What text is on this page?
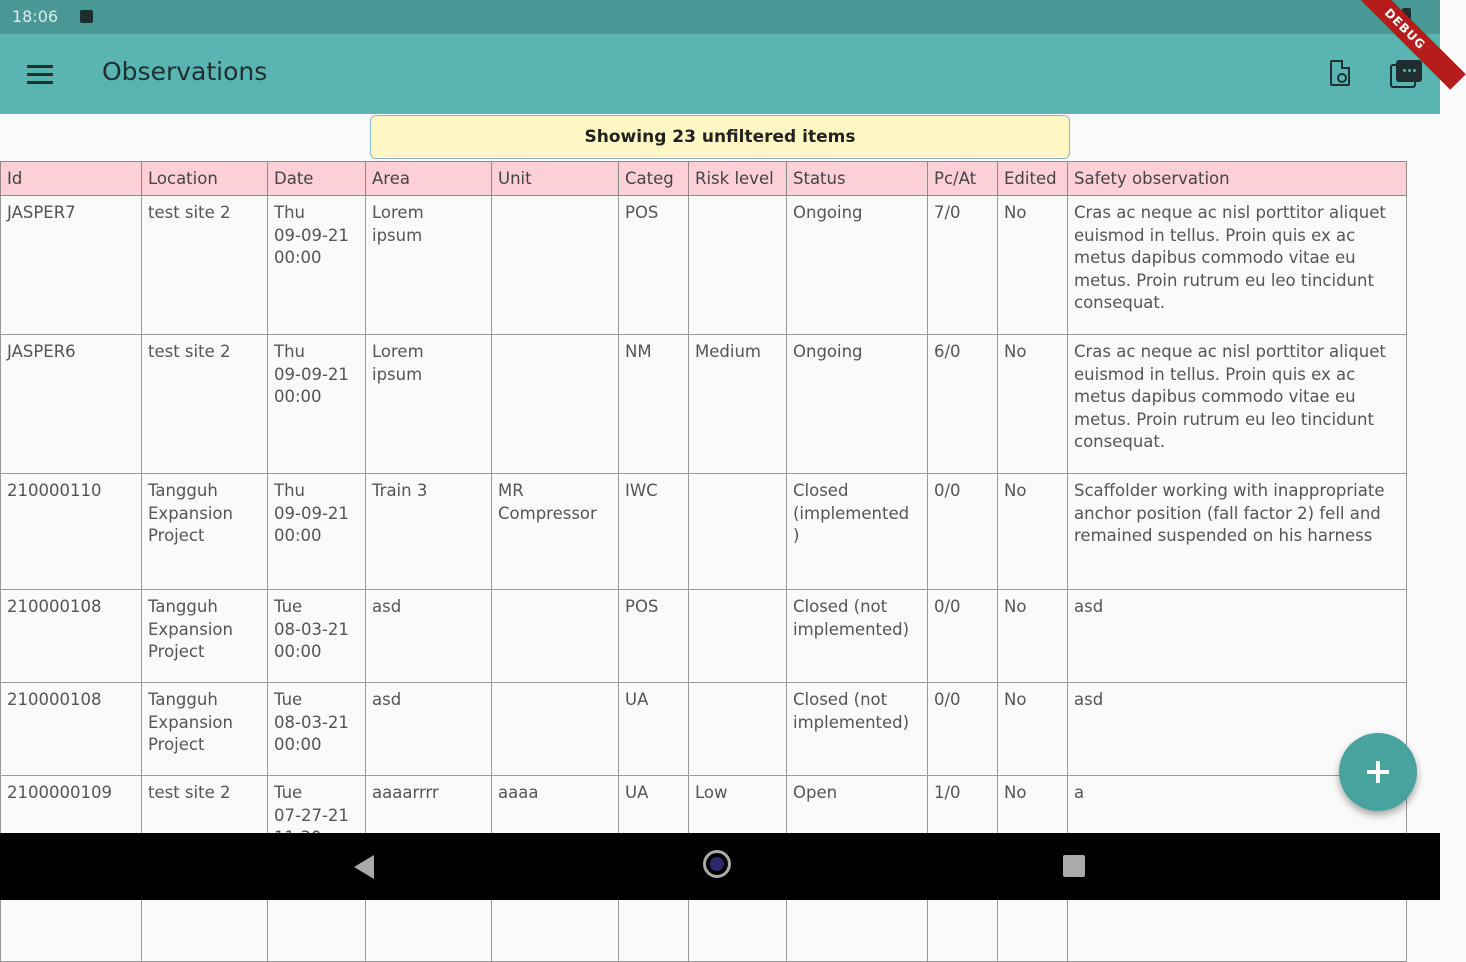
18:06	DEBUG
Observations
Showing 23 unfiltered items
Id	Location	Date	Area	Unit	Categ	Risk level	Status	Pc/At	Edited	Safety observation
JASPER7	test site 2	Thu
09-09-21
00:00	Lorem
ipsum		POS		Ongoing	7/0	No	Cras ac neque ac nisl porttitor aliquet euismod in tellus. Proin quis ex ac metus dapibus commodo vitae eu metus. Proin rutrum eu leo tincidunt consequat.
JASPER6	test site 2	Thu
09-09-21
00:00	Lorem
ipsum		NM	Medium	Ongoing	6/0	No	Cras ac neque ac nisl porttitor aliquet euismod in tellus. Proin quis ex ac metus dapibus commodo vitae eu metus. Proin rutrum eu leo tincidunt consequat.
210000110	Tangguh
Expansion
Project	Thu
09-09-21
00:00	Train 3	MR
Compressor	IWC		Closed
(implemented
)	0/0	No	Scaffolder working with inappropriate anchor position (fall factor 2) fell and remained suspended on his harness
210000108	Tangguh
Expansion
Project	Tue
08-03-21
00:00	asd		POS		Closed (not
implemented)	0/0	No	asd
210000108	Tangguh
Expansion
Project	Tue
08-03-21
00:00	asd		UA		Closed (not
implemented)	0/0	No	asd
2100000109	test site 2	Tue
07-27-21	aaaarrrr	aaaa	UA	Low	Open	1/0	No	a
